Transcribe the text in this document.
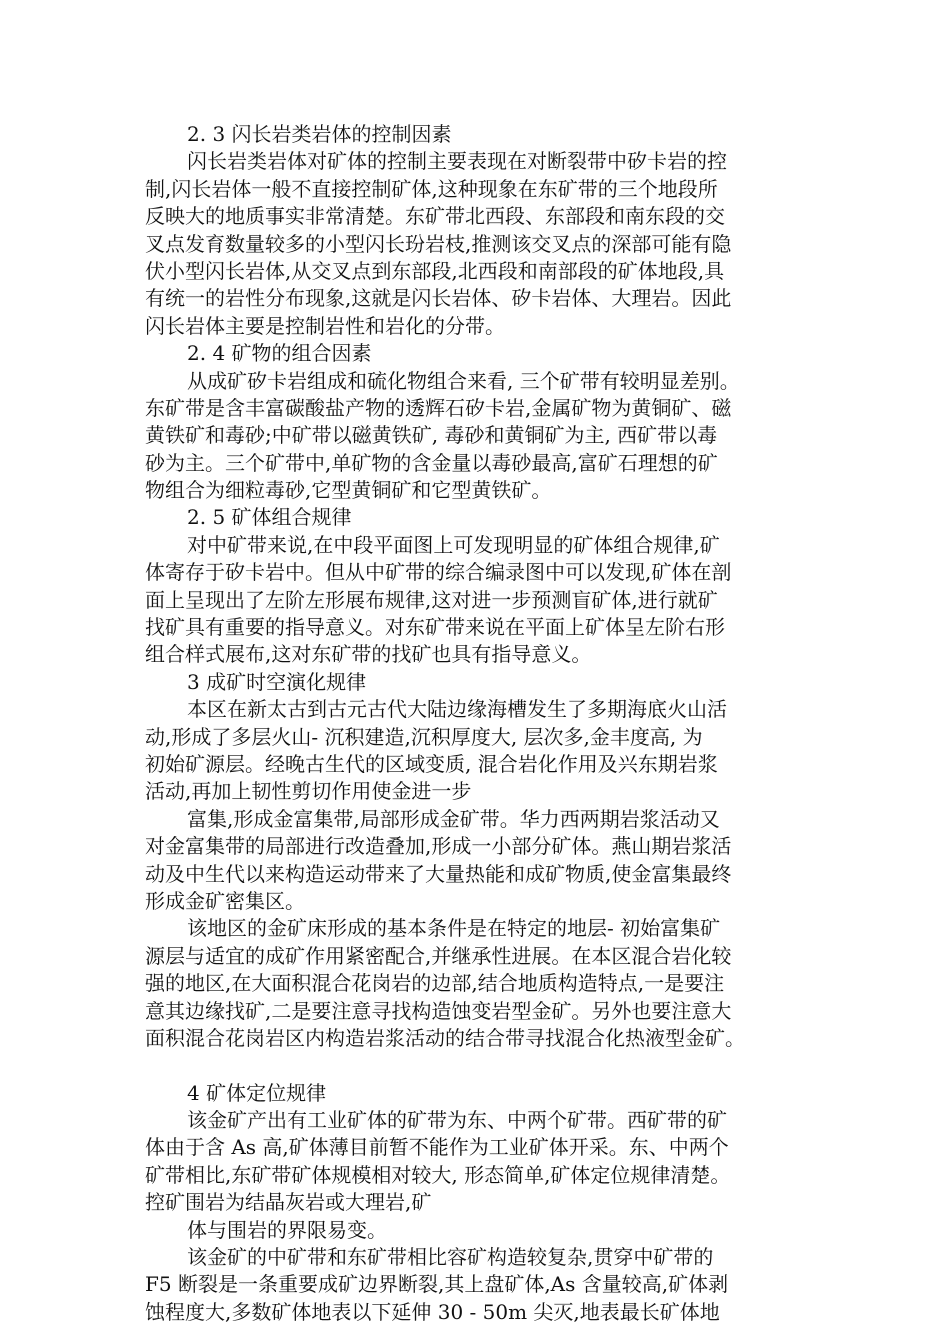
2. 3 闪长岩类岩体的控制因素
闪长岩类岩体对矿体的控制主要表现在对断裂带中矽卡岩的控
制,闪长岩体一般不直接控制矿体,这种现象在东矿带的三个地段所
反映大的地质事实非常清楚。东矿带北西段、东部段和南东段的交
叉点发育数量较多的小型闪长玢岩枝,推测该交叉点的深部可能有隐
伏小型闪长岩体,从交叉点到东部段,北西段和南部段的矿体地段,具
有统一的岩性分布现象,这就是闪长岩体、矽卡岩体、大理岩。因此
闪长岩体主要是控制岩性和岩化的分带。
2. 4 矿物的组合因素
从成矿矽卡岩组成和硫化物组合来看, 三个矿带有较明显差别。
东矿带是含丰富碳酸盐产物的透辉石矽卡岩,金属矿物为黄铜矿、磁
黄铁矿和毒砂;中矿带以磁黄铁矿, 毒砂和黄铜矿为主, 西矿带以毒
砂为主。三个矿带中,单矿物的含金量以毒砂最高,富矿石理想的矿
物组合为细粒毒砂,它型黄铜矿和它型黄铁矿。
2. 5 矿体组合规律
对中矿带来说,在中段平面图上可发现明显的矿体组合规律,矿
体寄存于矽卡岩中。但从中矿带的综合编录图中可以发现,矿体在剖
面上呈现出了左阶左形展布规律,这对进一步预测盲矿体,进行就矿
找矿具有重要的指导意义。对东矿带来说在平面上矿体呈左阶右形
组合样式展布,这对东矿带的找矿也具有指导意义。
3 成矿时空演化规律
本区在新太古到古元古代大陆边缘海槽发生了多期海底火山活
动,形成了多层火山- 沉积建造,沉积厚度大, 层次多,金丰度高, 为
初始矿源层。经晚古生代的区域变质, 混合岩化作用及兴东期岩浆
活动,再加上韧性剪切作用使金进一步
富集,形成金富集带,局部形成金矿带。华力西两期岩浆活动又
对金富集带的局部进行改造叠加,形成一小部分矿体。燕山期岩浆活
动及中生代以来构造运动带来了大量热能和成矿物质,使金富集最终
形成金矿密集区。
该地区的金矿床形成的基本条件是在特定的地层- 初始富集矿
源层与适宜的成矿作用紧密配合,并继承性进展。在本区混合岩化较
强的地区,在大面积混合花岗岩的边部,结合地质构造特点,一是要注
意其边缘找矿,二是要注意寻找构造蚀变岩型金矿。另外也要注意大
面积混合花岗岩区内构造岩浆活动的结合带寻找混合化热液型金矿。
4 矿体定位规律
该金矿产出有工业矿体的矿带为东、中两个矿带。西矿带的矿
体由于含 As 高,矿体薄目前暂不能作为工业矿体开采。东、中两个
矿带相比,东矿带矿体规模相对较大, 形态简单,矿体定位规律清楚。
控矿围岩为结晶灰岩或大理岩,矿
体与围岩的界限易变。
该金矿的中矿带和东矿带相比容矿构造较复杂,贯穿中矿带的
F5 断裂是一条重要成矿边界断裂,其上盘矿体,As 含量较高,矿体剥
蚀程度大,多数矿体地表以下延伸 30 - 50m 尖灭,地表最长矿体地
